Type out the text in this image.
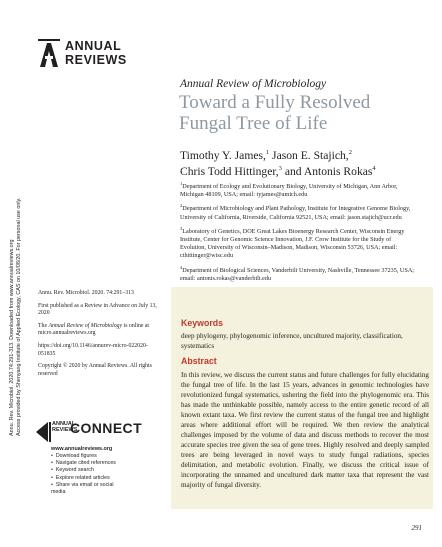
ANNUAL
REVIEWS
Annual Review of Microbiology
Toward a Fully Resolved Fungal Tree of Life
Timothy Y. James,$^1$ Jason E. Stajich,$^2$
Chris Todd Hittinger,$^3$ and Antonis Rokas$^4$

$^1$Department of Ecology and Evolutionary Biology, University of Michigan, Ann Arbor, Michigan 48109, USA; email: tyjames@umich.edu

$^2$Department of Microbiology and Plant Pathology, Institute for Integrative Genome Biology, University of California, Riverside, California 92521, USA; email: jason.stajich@ucr.edu

$^3$Laboratory of Genetics, DOE Great Lakes Bioenergy Research Center, Wisconsin Energy Institute, Center for Genomic Science Innovation, J.F. Crow Institute for the Study of Evolution, University of Wisconsin–Madison, Madison, Wisconsin 53726, USA; email: cthittinger@wisc.edu

$^4$Department of Biological Sciences, Vanderbilt University, Nashville, Tennessee 37235, USA; email: antonis.rokas@vanderbilt.edu

Annu. Rev. Microbiol. 2020.74:291-313. Downloaded from www.annualreviews.org Access provided by Shenyang Institute of Applied Ecology, CAS on 10/08/20. For personal use only.	Annu. Rev. Microbiol. 2020. 74:291–313

First published as a Review in Advance on July 13, 2020

The Annual Review of Microbiology is online at micro.annualreviews.org

https://doi.org/10.1146/annurev-micro-022020-051835

Copyright © 2020 by Annual Reviews. All rights reserved

ANNUAL
REVIEWS
CONNECT
www.annualreviews.org
• Download figures
• Navigate cited references
• Keyword search
• Explore related articles
• Share via email or social media
Keywords
deep phylogeny, phylogenomic inference, uncultured majority, classification, systematics
Abstract
In this review, we discuss the current status and future challenges for fully elucidating the fungal tree of life. In the last 15 years, advances in genomic technologies have revolutionized fungal systematics, ushering the field into the phylogenomic era. This has made the unthinkable possible, namely access to the entire genetic record of all known extant taxa. We first review the current status of the fungal tree and highlight areas where additional effort will be required. We then review the analytical challenges imposed by the volume of data and discuss methods to recover the most accurate species tree given the sea of gene trees. Highly resolved and deeply sampled trees are being leveraged in novel ways to study fungal radiations, species delimitation, and metabolic evolution. Finally, we discuss the critical issue of incorporating the unnamed and uncultured dark matter taxa that represent the vast majority of fungal diversity.
291
